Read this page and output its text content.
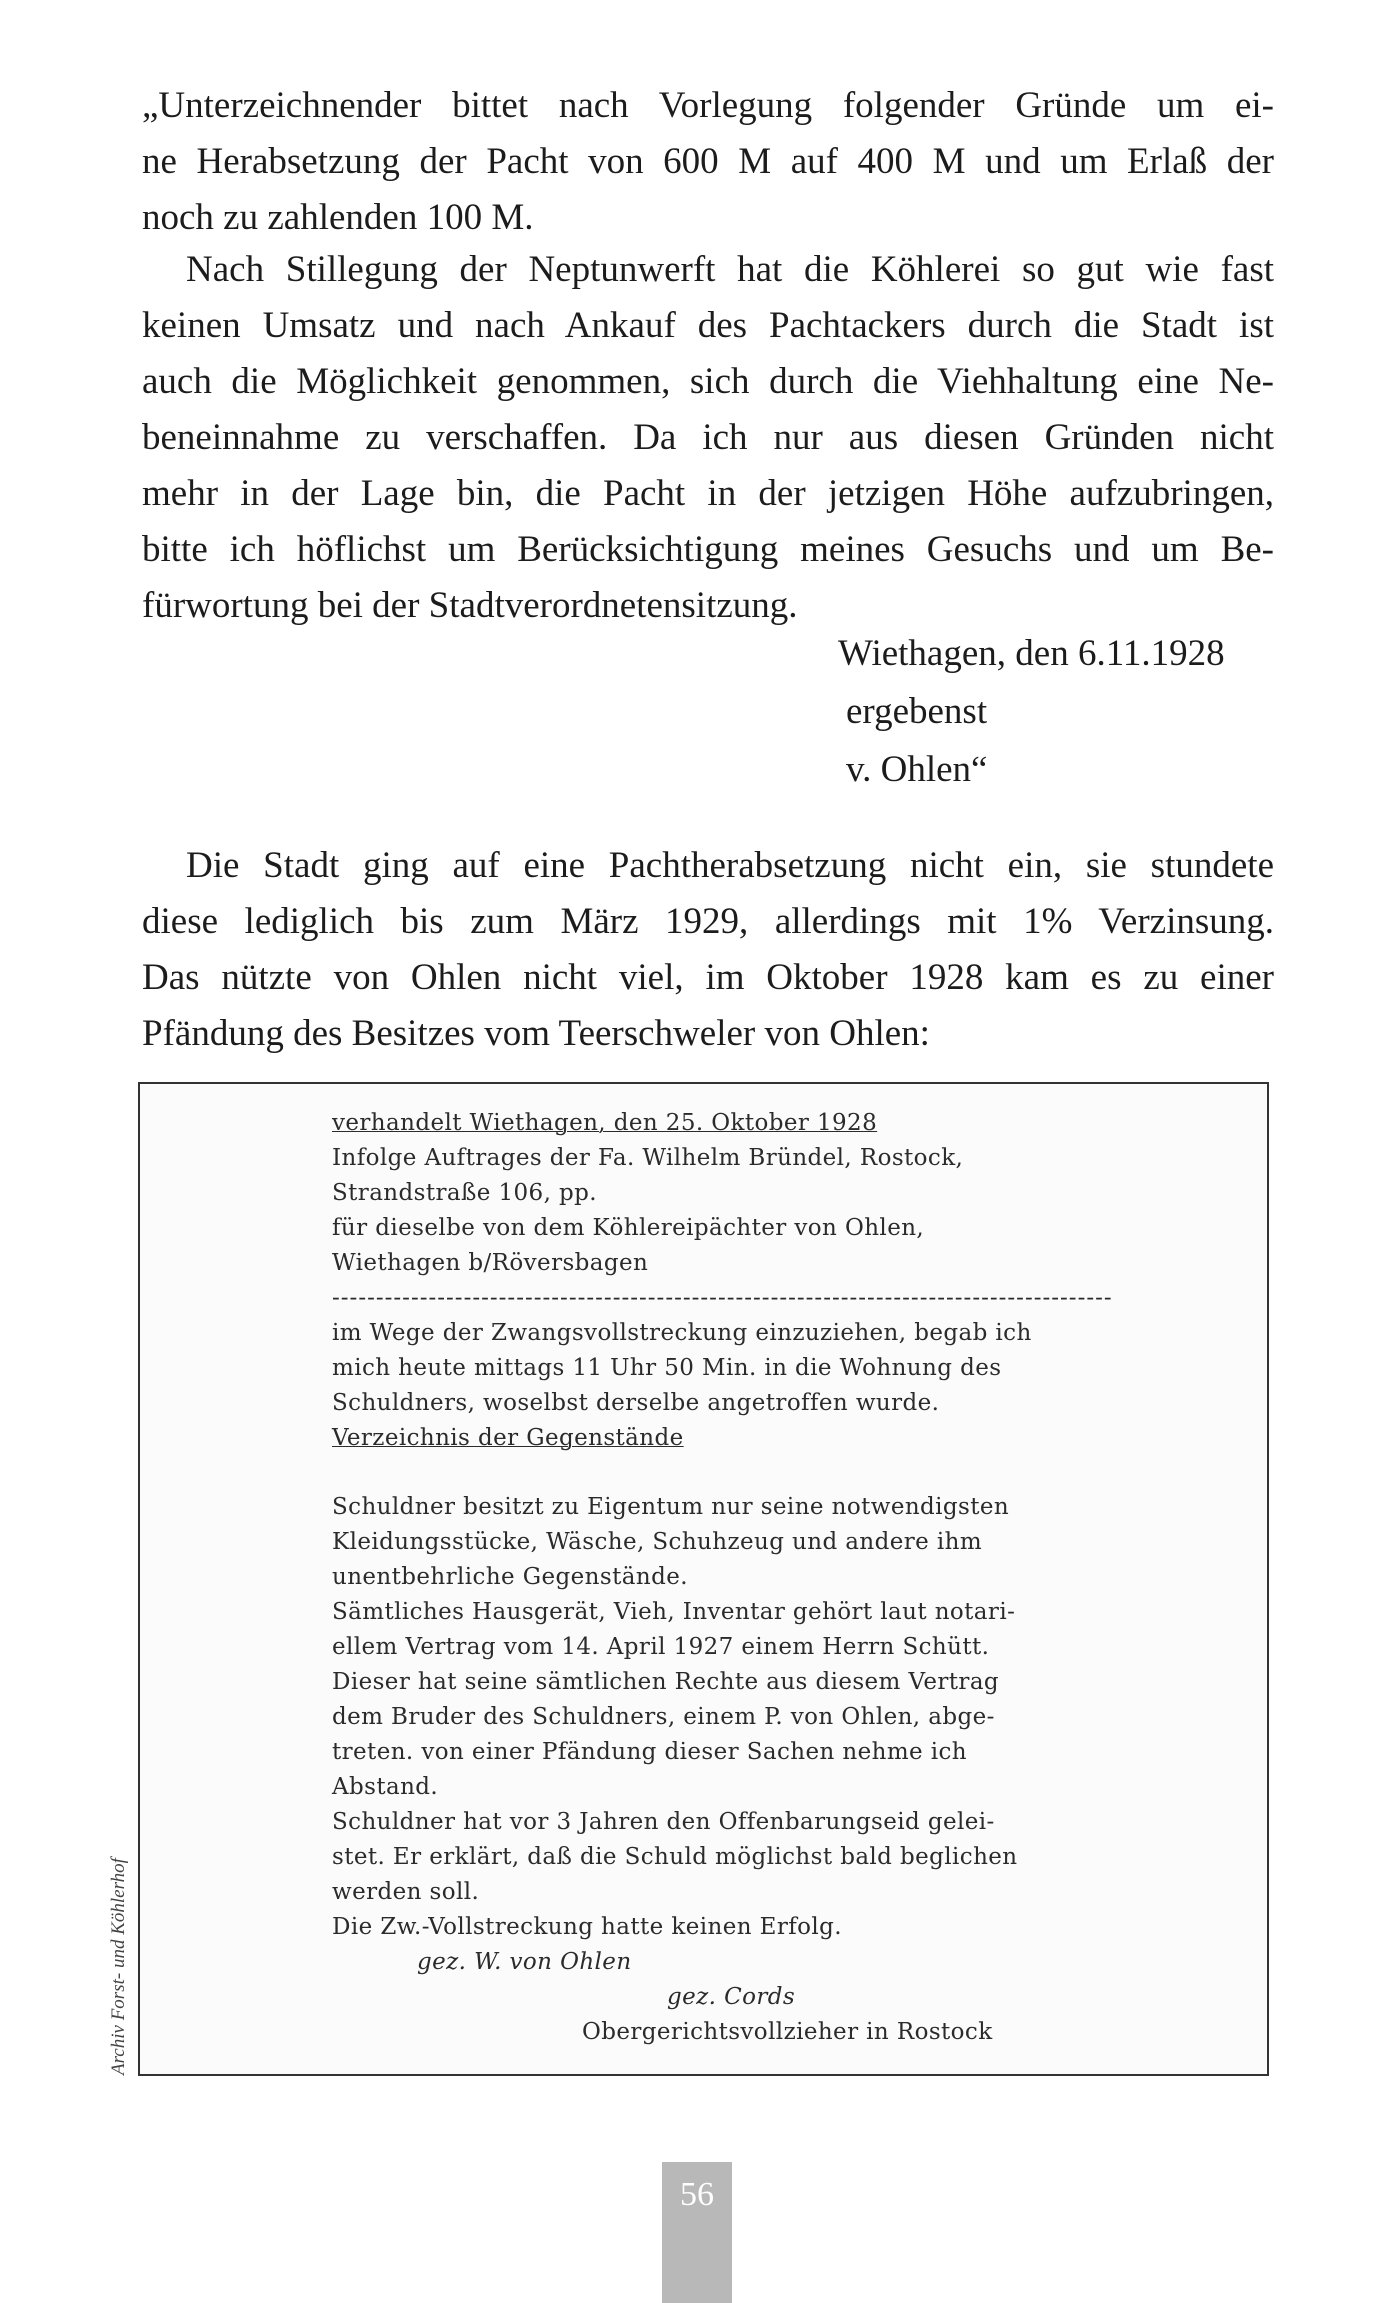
„Unterzeichnender bittet nach Vorlegung folgender Gründe um ei-
ne Herabsetzung der Pacht von 600 M auf 400 M und um Erlaß der
noch zu zahlenden 100 M.
Nach Stillegung der Neptunwerft hat die Köhlerei so gut wie fast
keinen Umsatz und nach Ankauf des Pachtackers durch die Stadt ist
auch die Möglichkeit genommen, sich durch die Viehhaltung eine Ne-
beneinnahme zu verschaffen. Da ich nur aus diesen Gründen nicht
mehr in der Lage bin, die Pacht in der jetzigen Höhe aufzubringen,
bitte ich höflichst um Berücksichtigung meines Gesuchs und um Be-
fürwortung bei der Stadtverordnetensitzung.
Wiethagen, den 6.11.1928
ergebenst
v. Ohlen“
Die Stadt ging auf eine Pachtherabsetzung nicht ein, sie stundete
diese lediglich bis zum März 1929, allerdings mit 1% Verzinsung.
Das nützte von Ohlen nicht viel, im Oktober 1928 kam es zu einer
Pfändung des Besitzes vom Teerschweler von Ohlen:
verhandelt Wiethagen, den 25. Oktober 1928
Infolge Auftrages der Fa. Wilhelm Bründel, Rostock,
Strandstraße 106, pp.
für dieselbe von dem Köhlereipächter von Ohlen,
Wiethagen b/Röversbagen
-----------------------------------------------------------------------------------------
im Wege der Zwangsvollstreckung einzuziehen, begab ich
mich heute mittags 11 Uhr 50 Min. in die Wohnung des
Schuldners, woselbst derselbe angetroffen wurde.
Verzeichnis der Gegenstände
Schuldner besitzt zu Eigentum nur seine notwendigsten
Kleidungsstücke, Wäsche, Schuhzeug und andere ihm
unentbehrliche Gegenstände.
Sämtliches Hausgerät, Vieh, Inventar gehört laut notari-
ellem Vertrag vom 14. April 1927 einem Herrn Schütt.
Dieser hat seine sämtlichen Rechte aus diesem Vertrag
dem Bruder des Schuldners, einem P. von Ohlen, abge-
treten. von einer Pfändung dieser Sachen nehme ich
Abstand.
Schuldner hat vor 3 Jahren den Offenbarungseid gelei-
stet. Er erklärt, daß die Schuld möglichst bald beglichen
werden soll.
Die Zw.-Vollstreckung hatte keinen Erfolg.
gez. W. von Ohlen
gez. Cords
Obergerichtsvollzieher in Rostock
Archiv Forst- und Köhlerhof
56
